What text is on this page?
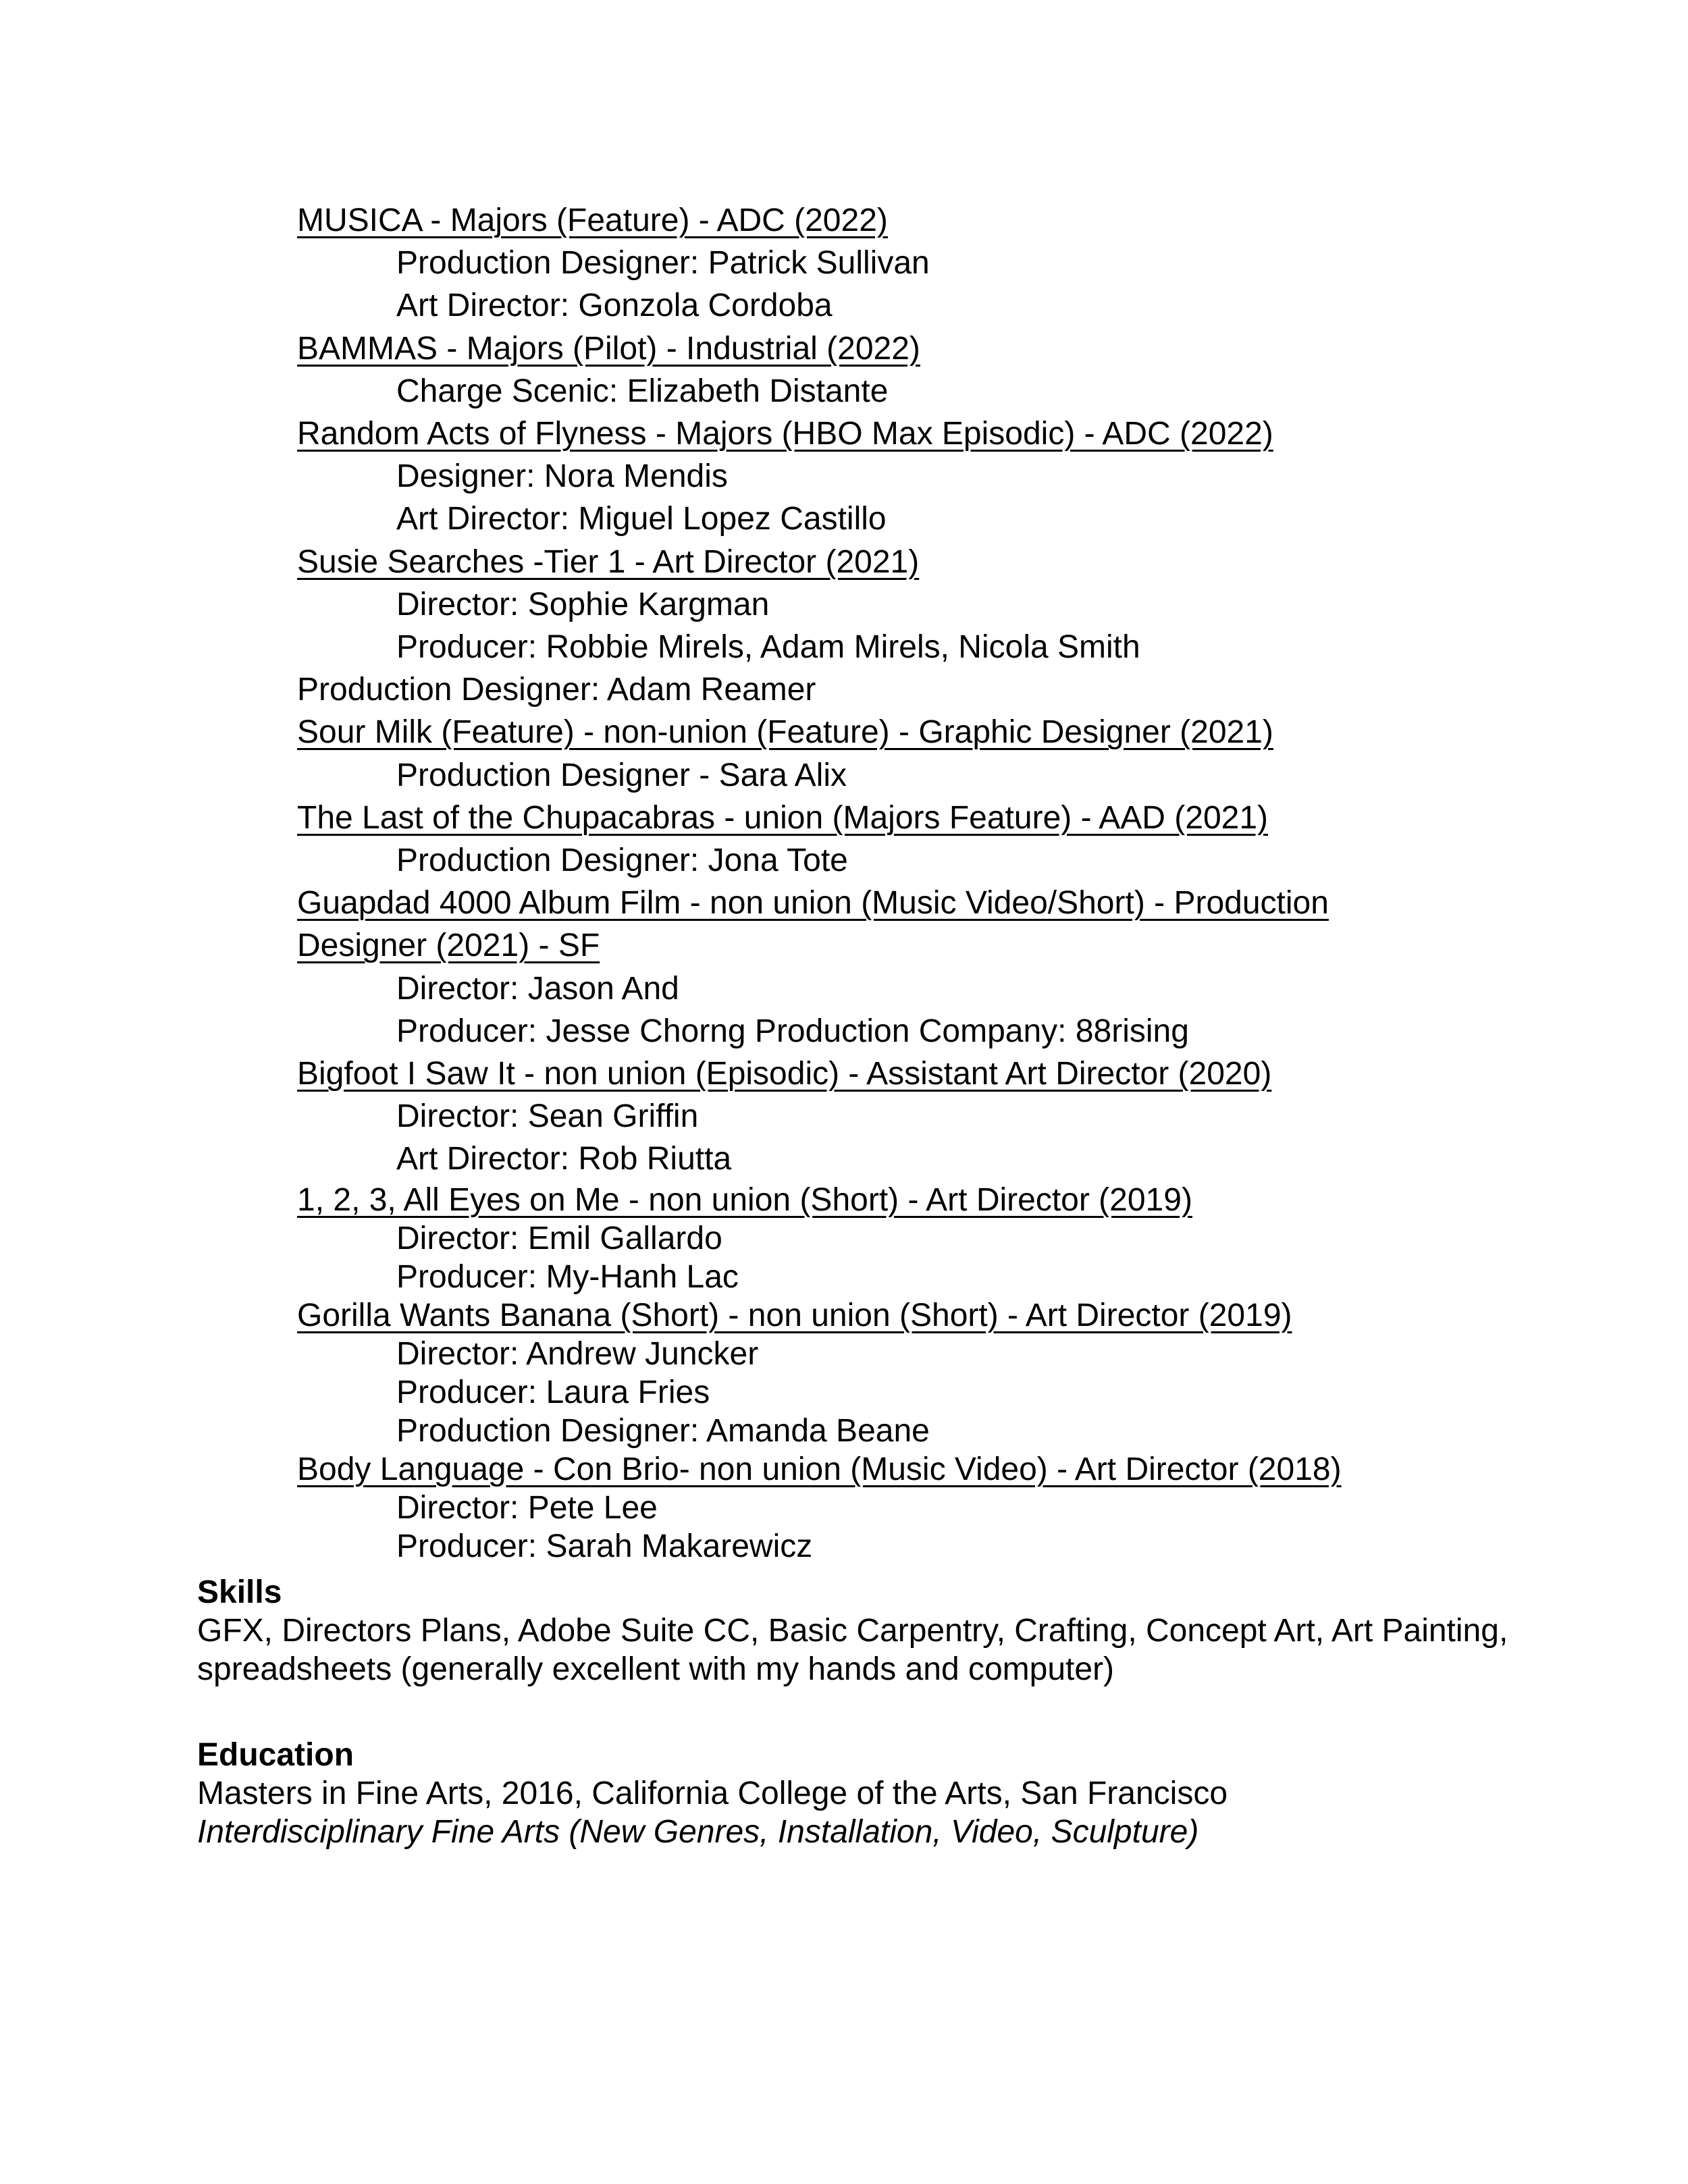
MUSICA - Majors (Feature) - ADC (2022)
Production Designer: Patrick Sullivan
Art Director: Gonzola Cordoba
BAMMAS - Majors (Pilot) - Industrial (2022)
Charge Scenic: Elizabeth Distante
Random Acts of Flyness - Majors (HBO Max Episodic) - ADC (2022)
Designer: Nora Mendis
Art Director: Miguel Lopez Castillo
Susie Searches -Tier 1 - Art Director (2021)
Director: Sophie Kargman
Producer: Robbie Mirels, Adam Mirels, Nicola Smith
Production Designer: Adam Reamer
Sour Milk (Feature) - non-union (Feature) - Graphic Designer (2021)
Production Designer - Sara Alix
The Last of the Chupacabras - union (Majors Feature) - AAD (2021)
Production Designer: Jona Tote
Guapdad 4000 Album Film - non union (Music Video/Short) - Production Designer (2021) - SF
Director: Jason And
Producer: Jesse Chorng Production Company: 88rising
Bigfoot I Saw It - non union (Episodic) - Assistant Art Director (2020)
Director: Sean Griffin
Art Director: Rob Riutta
1, 2, 3, All Eyes on Me - non union (Short) - Art Director (2019)
Director: Emil Gallardo
Producer: My-Hanh Lac
Gorilla Wants Banana (Short) - non union (Short) - Art Director (2019)
Director: Andrew Juncker
Producer: Laura Fries
Production Designer: Amanda Beane
Body Language - Con Brio- non union (Music Video) - Art Director (2018)
Director: Pete Lee
Producer: Sarah Makarewicz
Skills
GFX, Directors Plans, Adobe Suite CC, Basic Carpentry, Crafting, Concept Art, Art Painting,
spreadsheets (generally excellent with my hands and computer)
Education
Masters in Fine Arts, 2016, California College of the Arts, San Francisco
Interdisciplinary Fine Arts (New Genres, Installation, Video, Sculpture)
